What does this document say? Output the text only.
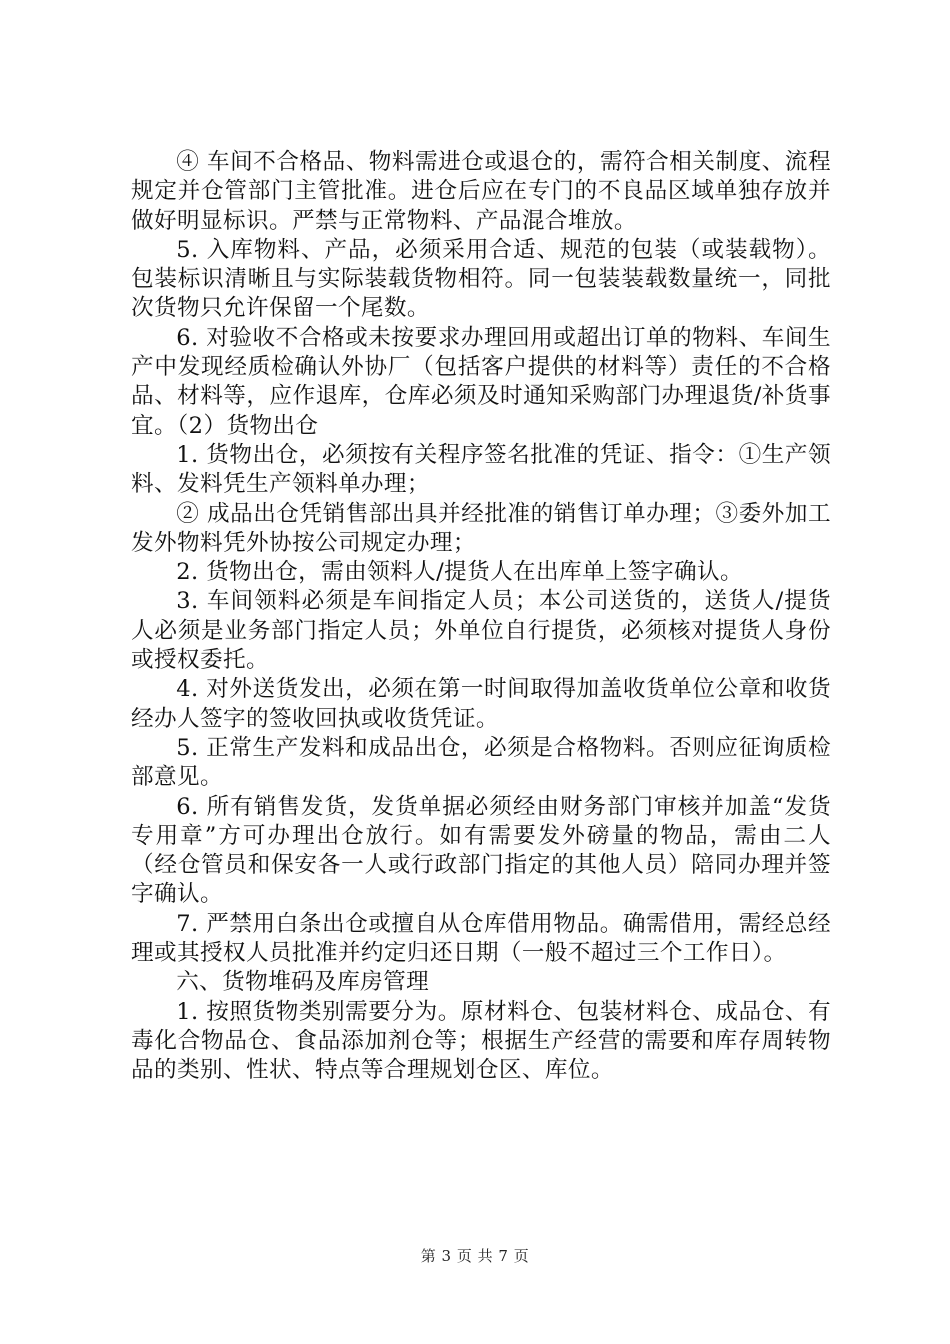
④ 车间不合格品、物料需进仓或退仓的，需符合相关制度、流程规定并仓管部门主管批准。进仓后应在专门的不良品区域单独存放并做好明显标识。严禁与正常物料、产品混合堆放。

5. 入库物料、产品，必须采用合适、规范的包装（或装载物）。包装标识清晰且与实际装载货物相符。同一包装装载数量统一，同批次货物只允许保留一个尾数。

6. 对验收不合格或未按要求办理回用或超出订单的物料、车间生产中发现经质检确认外协厂（包括客户提供的材料等）责任的不合格品、材料等，应作退库，仓库必须及时通知采购部门办理退货/补货事宜。（2）货物出仓

1. 货物出仓，必须按有关程序签名批准的凭证、指令：①生产领料、发料凭生产领料单办理；

② 成品出仓凭销售部出具并经批准的销售订单办理；③委外加工发外物料凭外协按公司规定办理；

2. 货物出仓，需由领料人/提货人在出库单上签字确认。

3. 车间领料必须是车间指定人员；本公司送货的，送货人/提货人必须是业务部门指定人员；外单位自行提货，必须核对提货人身份或授权委托。

4. 对外送货发出，必须在第一时间取得加盖收货单位公章和收货经办人签字的签收回执或收货凭证。

5. 正常生产发料和成品出仓，必须是合格物料。否则应征询质检部意见。

6. 所有销售发货，发货单据必须经由财务部门审核并加盖“发货专用章”方可办理出仓放行。如有需要发外磅量的物品，需由二人（经仓管员和保安各一人或行政部门指定的其他人员）陪同办理并签字确认。

7. 严禁用白条出仓或擅自从仓库借用物品。确需借用，需经总经理或其授权人员批准并约定归还日期（一般不超过三个工作日）。

六、货物堆码及库房管理

1. 按照货物类别需要分为。原材料仓、包装材料仓、成品仓、有毒化合物品仓、食品添加剂仓等；根据生产经营的需要和库存周转物品的类别、性状、特点等合理规划仓区、库位。

第 3 页 共 7 页
